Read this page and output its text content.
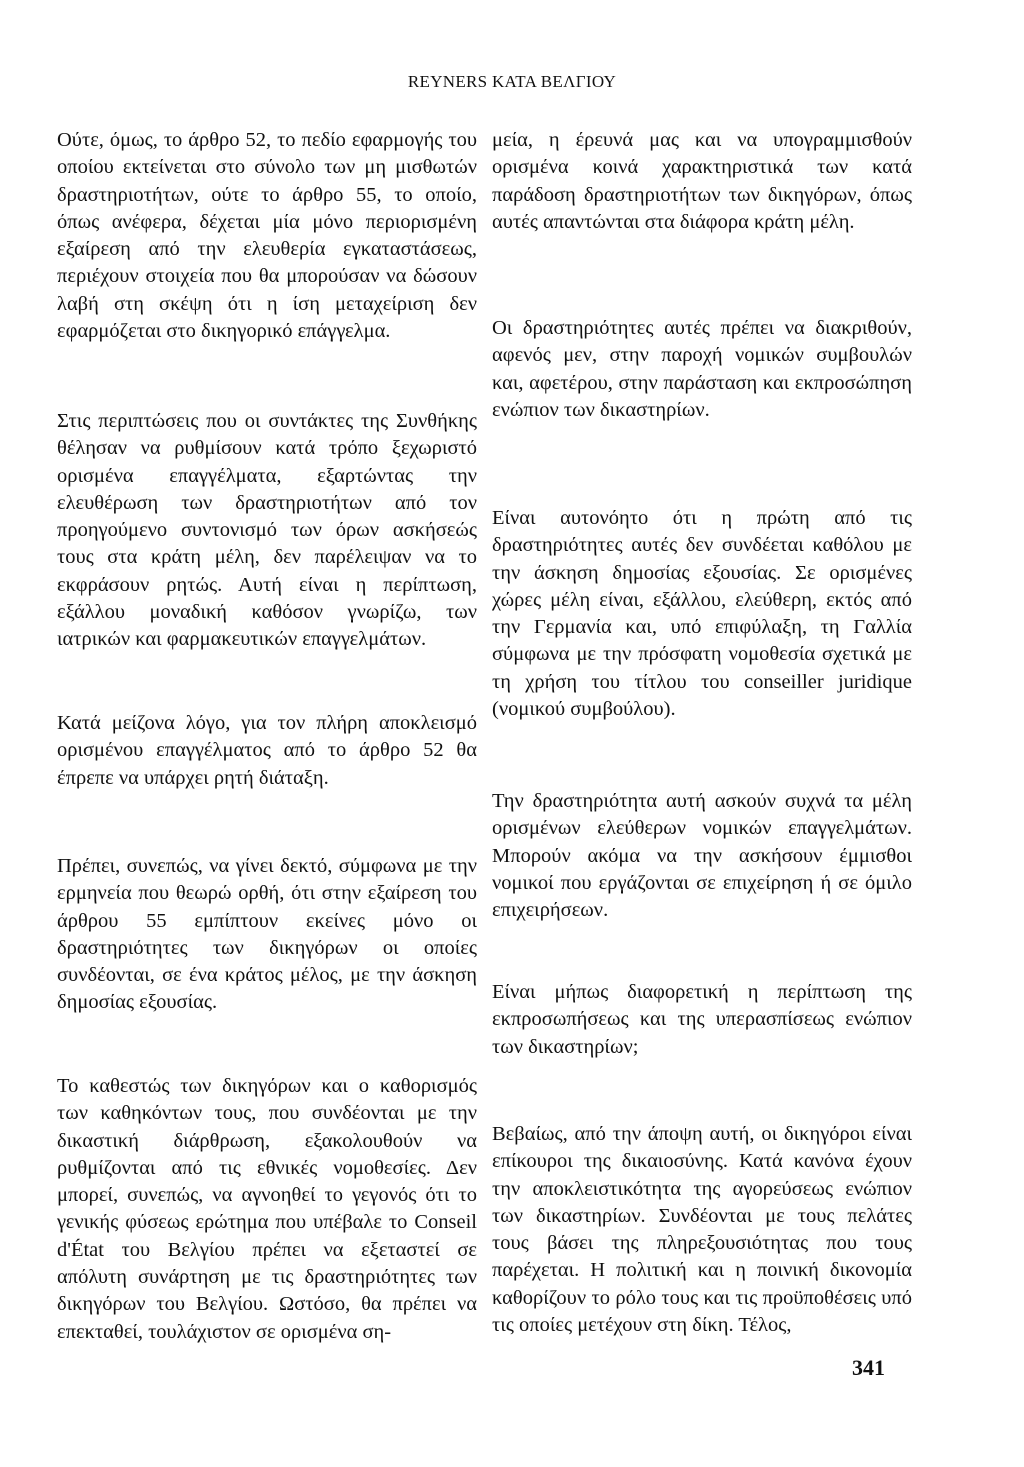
REYNERS ΚΑΤΑ ΒΕΛΓΙΟΥ

Ούτε, όμως, το άρθρο 52, το πεδίο εφαρμογής του οποίου εκτείνεται στο σύνολο των μη μισθωτών δραστηριοτήτων, ούτε το άρθρο 55, το οποίο, όπως ανέφερα, δέχεται μία μόνο περιορισμένη εξαίρεση από την ελευθερία εγκαταστάσεως, περιέχουν στοιχεία που θα μπορούσαν να δώσουν λαβή στη σκέψη ότι η ίση μεταχείριση δεν εφαρμόζεται στο δικηγορικό επάγγελμα.

Στις περιπτώσεις που οι συντάκτες της Συνθήκης θέλησαν να ρυθμίσουν κατά τρόπο ξεχωριστό ορισμένα επαγγέλματα, εξαρτώντας την ελευθέρωση των δραστηριοτήτων από τον προηγούμενο συντονισμό των όρων ασκήσεώς τους στα κράτη μέλη, δεν παρέλειψαν να το εκφράσουν ρητώς. Αυτή είναι η περίπτωση, εξάλλου μοναδική καθόσον γνωρίζω, των ιατρικών και φαρμακευτικών επαγγελμάτων.

Κατά μείζονα λόγο, για τον πλήρη αποκλεισμό ορισμένου επαγγέλματος από το άρθρο 52 θα έπρεπε να υπάρχει ρητή διάταξη.

Πρέπει, συνεπώς, να γίνει δεκτό, σύμφωνα με την ερμηνεία που θεωρώ ορθή, ότι στην εξαίρεση του άρθρου 55 εμπίπτουν εκείνες μόνο οι δραστηριότητες των δικηγόρων οι οποίες συνδέονται, σε ένα κράτος μέλος, με την άσκηση δημοσίας εξουσίας.

Το καθεστώς των δικηγόρων και ο καθορισμός των καθηκόντων τους, που συνδέονται με την δικαστική διάρθρωση, εξακολουθούν να ρυθμίζονται από τις εθνικές νομοθεσίες. Δεν μπορεί, συνεπώς, να αγνοηθεί το γεγονός ότι το γενικής φύσεως ερώτημα που υπέβαλε το Conseil d'État του Βελγίου πρέπει να εξεταστεί σε απόλυτη συνάρτηση με τις δραστηριότητες των δικηγόρων του Βελγίου. Ωστόσο, θα πρέπει να επεκταθεί, τουλάχιστον σε ορισμένα ση-

μεία, η έρευνά μας και να υπογραμμισθούν ορισμένα κοινά χαρακτηριστικά των κατά παράδοση δραστηριοτήτων των δικηγόρων, όπως αυτές απαντώνται στα διάφορα κράτη μέλη.

Οι δραστηριότητες αυτές πρέπει να διακριθούν, αφενός μεν, στην παροχή νομικών συμβουλών και, αφετέρου, στην παράσταση και εκπροσώπηση ενώπιον των δικαστηρίων.

Είναι αυτονόητο ότι η πρώτη από τις δραστηριότητες αυτές δεν συνδέεται καθόλου με την άσκηση δημοσίας εξουσίας. Σε ορισμένες χώρες μέλη είναι, εξάλλου, ελεύθερη, εκτός από την Γερμανία και, υπό επιφύλαξη, τη Γαλλία σύμφωνα με την πρόσφατη νομοθεσία σχετικά με τη χρήση του τίτλου του conseiller juridique (νομικού συμβούλου).

Την δραστηριότητα αυτή ασκούν συχνά τα μέλη ορισμένων ελεύθερων νομικών επαγγελμάτων. Μπορούν ακόμα να την ασκήσουν έμμισθοι νομικοί που εργάζονται σε επιχείρηση ή σε όμιλο επιχειρήσεων.

Είναι μήπως διαφορετική η περίπτωση της εκπροσωπήσεως και της υπερασπίσεως ενώπιον των δικαστηρίων;

Βεβαίως, από την άποψη αυτή, οι δικηγόροι είναι επίκουροι της δικαιοσύνης. Κατά κανόνα έχουν την αποκλειστικότητα της αγορεύσεως ενώπιον των δικαστηρίων. Συνδέονται με τους πελάτες τους βάσει της πληρεξουσιότητας που τους παρέχεται. Η πολιτική και η ποινική δικονομία καθορίζουν το ρόλο τους και τις προϋποθέσεις υπό τις οποίες μετέχουν στη δίκη. Τέλος,

341
